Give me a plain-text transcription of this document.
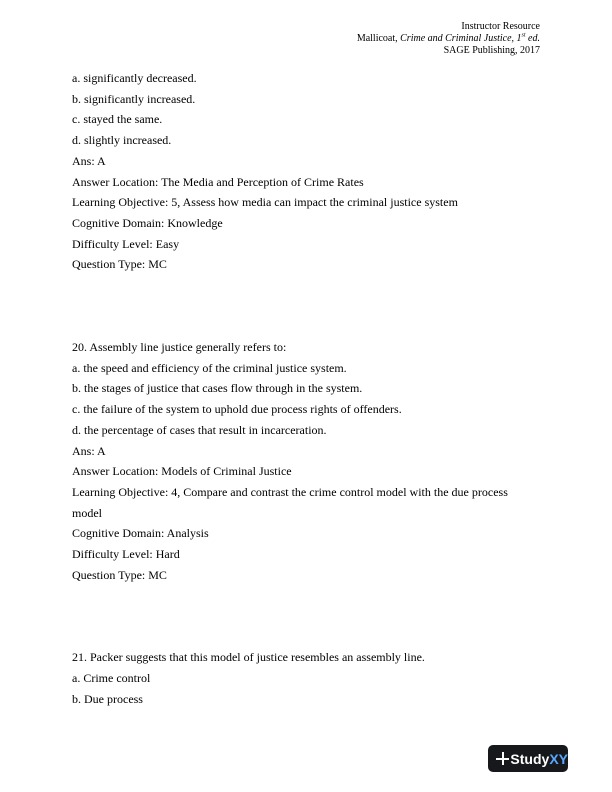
Instructor Resource
Mallicoat, Crime and Criminal Justice, 1st ed.
SAGE Publishing, 2017

a. significantly decreased.

b. significantly increased.

c. stayed the same.

d. slightly increased.

Ans: A

Answer Location: The Media and Perception of Crime Rates

Learning Objective: 5, Assess how media can impact the criminal justice system

Cognitive Domain: Knowledge

Difficulty Level: Easy

Question Type: MC

20. Assembly line justice generally refers to:

a. the speed and efficiency of the criminal justice system.

b. the stages of justice that cases flow through in the system.

c. the failure of the system to uphold due process rights of offenders.

d. the percentage of cases that result in incarceration.

Ans: A

Answer Location: Models of Criminal Justice

Learning Objective: 4, Compare and contrast the crime control model with the due process

model

Cognitive Domain: Analysis

Difficulty Level: Hard

Question Type: MC

21. Packer suggests that this model of justice resembles an assembly line.

a. Crime control

b. Due process

StudyXY
